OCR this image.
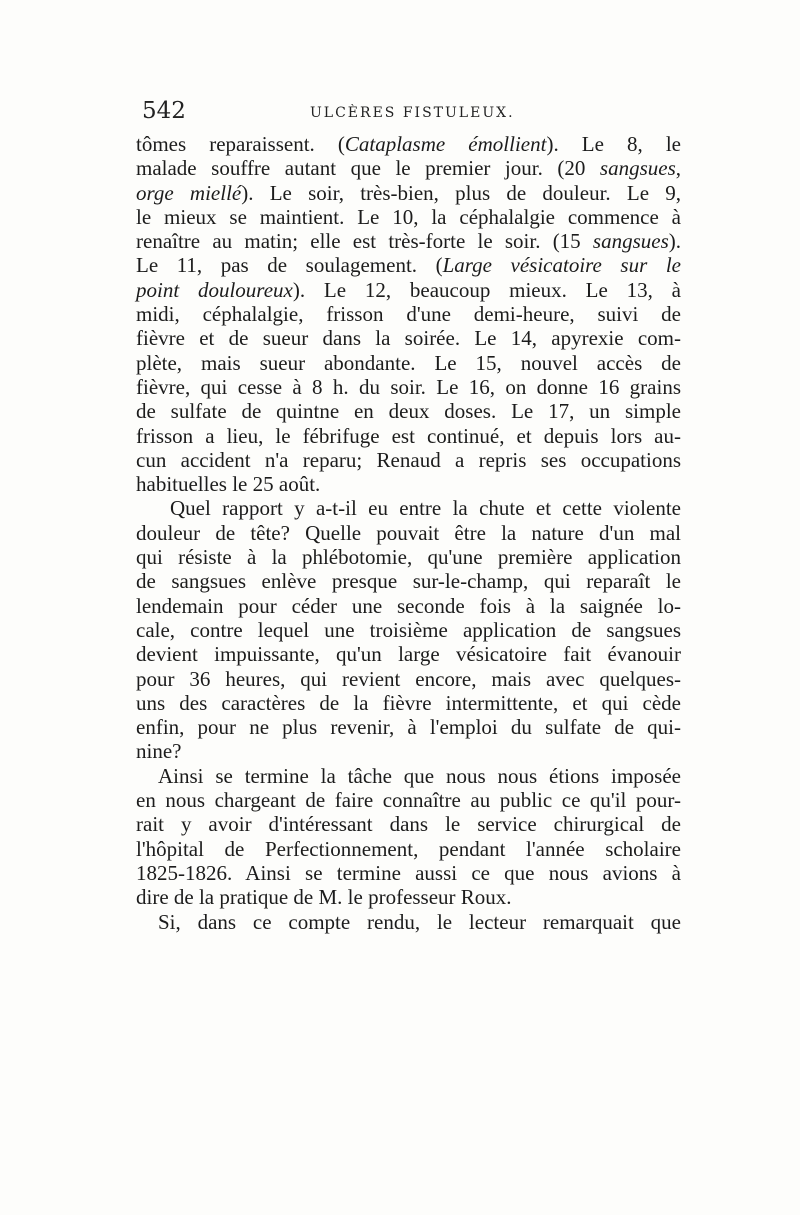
542	ULCÈRES FISTULEUX.
tômes reparaissent. (Cataplasme émollient). Le 8, le
malade souffre autant que le premier jour. (20 sangsues,
orge miellé). Le soir, très-bien, plus de douleur. Le 9,
le mieux se maintient. Le 10, la céphalalgie commence à
renaître au matin; elle est très-forte le soir. (15 sangsues).
Le 11, pas de soulagement. (Large vésicatoire sur le
point douloureux). Le 12, beaucoup mieux. Le 13, à
midi, céphalalgie, frisson d'une demi-heure, suivi de
fièvre et de sueur dans la soirée. Le 14, apyrexie com-
plète, mais sueur abondante. Le 15, nouvel accès de
fièvre, qui cesse à 8 h. du soir. Le 16, on donne 16 grains
de sulfate de quintne en deux doses. Le 17, un simple
frisson a lieu, le fébrifuge est continué, et depuis lors au-
cun accident n'a reparu; Renaud a repris ses occupations
habituelles le 25 août.
Quel rapport y a-t-il eu entre la chute et cette violente
douleur de tête? Quelle pouvait être la nature d'un mal
qui résiste à la phlébotomie, qu'une première application
de sangsues enlève presque sur-le-champ, qui reparaît le
lendemain pour céder une seconde fois à la saignée lo-
cale, contre lequel une troisième application de sangsues
devient impuissante, qu'un large vésicatoire fait évanouir
pour 36 heures, qui revient encore, mais avec quelques-
uns des caractères de la fièvre intermittente, et qui cède
enfin, pour ne plus revenir, à l'emploi du sulfate de qui-
nine?
Ainsi se termine la tâche que nous nous étions imposée
en nous chargeant de faire connaître au public ce qu'il pour-
rait y avoir d'intéressant dans le service chirurgical de
l'hôpital de Perfectionnement, pendant l'année scholaire
1825-1826. Ainsi se termine aussi ce que nous avions à
dire de la pratique de M. le professeur Roux.
Si, dans ce compte rendu, le lecteur remarquait que
